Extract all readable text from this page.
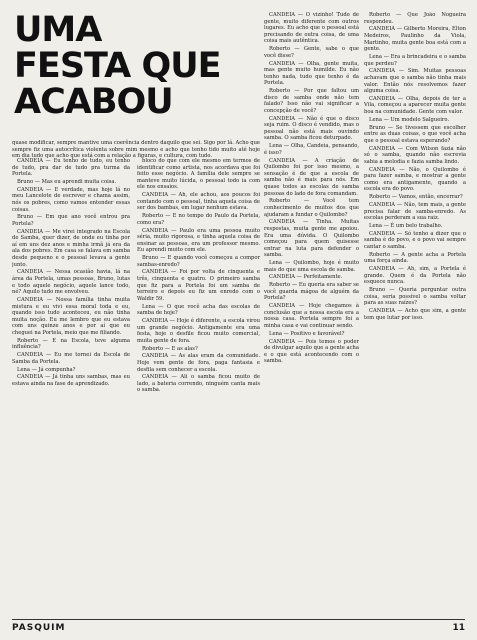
UMA
FESTA QUE
ACABOU
quase modificar, sempre mantive uma coerência dentro daquilo que sei. Sigo por lá. Acho que sempre fiz uma autocrítica violenta sobre mim mesmo e acho que tenho tido muito até hoje em dia tudo que acho que está com a relação a figuras, e cultura, com tudo.

CANDEIA — Eu tenho de tudo, eu tenho de tudo, pra dar de tudo pra turma da Portela.

Bruno — Mas eu aprendi muita coisa.

CANDEIA — E verdade, mas hoje lá no meu Lancelote de escrever e chama assim, nós os pobres, como vamos entender essas coisas.

Bruno — Em que ano você entrou pra Portela?

CANDEIA — Me virei integrado na Escola de Samba, quer dizer, de onde eu tinha por aí em uns dez anos e minha irmã já era da ala dos pobres. Em casa se falava em samba desde pequeno e o pessoal levava a gente junto.

CANDEIA — Nessa ocasião havia, lá na área da Portela, umas pessoas, Bruno, lutas e todo aquele negócio, aquele lance todo, né? Aquilo tudo me envolveu.

CANDEIA — Nossa família tinha muita mistura e eu vivi essa moral toda e eu, quando isso tudo aconteceu, eu não tinha muita noção. Eu me lembro que eu estava com uns quinze anos e por aí que eu cheguei na Portela, meio que me filiando.

Roberto — E na Escola, teve alguma influência?

CANDEIA — Eu me tornei da Escola de Samba da Portela.

Lena — Já compunha?

CANDEIA — Já tinha uns sambas, mas eu estava ainda na fase de aprendizado.

bloco do que com ele mesmo em termos de identificar como artista, nos acordava que foi feito esse negócio. A família dele sempre se manteve muito lúcida, o pessoal todo ia com ele nos ensaios.

CANDEIA — Ah, ele achou, aos poucos foi contando com o pessoal, tinha aquela coisa de ser dos bambas, em lugar nenhum estava.

Roberto — E no tempo do Paulo da Portela, como era?

CANDEIA — Paulo era uma pessoa muito séria, muito rigorosa, e tinha aquela coisa de ensinar as pessoas, era um professor mesmo. Eu aprendi muito com ele.

Bruno — E quando você começou a compor sambas-enredo?

CANDEIA — Foi por volta de cinquenta e três, cinquenta e quatro. O primeiro samba que fiz para a Portela foi um samba de terreiro e depois eu fiz um enredo com o Waldir 59.

Lena — O que você acha das escolas de samba de hoje?

CANDEIA — Hoje é diferente, a escola virou um grande negócio. Antigamente era uma festa, hoje o desfile ficou muito comercial, muita gente de fora.

Roberto — E as alas?

CANDEIA — As alas eram da comunidade. Hoje vem gente de fora, paga fantasia e desfila sem conhecer a escola.

CANDEIA — Ali o samba ficou muito de lado, a bateria correndo, ninguém canta mais o samba.

CANDEIA — O vizinho! Tudo de gente, muito diferente com outros lugares. Eu acho que o pessoal está precisando de outra coisa, de uma coisa mais autêntica.

Roberto — Gente, sabe o que você disse?

CANDEIA — Olha, gente muita, mas gente muito humilde. Eu não tenho nada, tudo que tenho é da Portela.

Roberto — Por que faltou um disco de samba onde não tem falado? Isso não vai significar a concepção de você?

CANDEIA — Não é que o disco seja ruim. O disco é vendido, mas o pessoal não está mais ouvindo samba. O samba ficou deturpado.

Lena — Olha, Candeia, pensando, é isso?

CANDEIA — A criação de Quilombo foi por isso mesmo, a sensação é de que a escola de samba não é mais para nós. Em quase todos as escolas de samba pessoas do lado de fora comandam.

Roberto — Você tem conhecimento de muitos dos que ajudaram a fundar o Quilombo?

CANDEIA — Tinha. Muitas respostas, muita gente me apoiou. Era uma dúvida. O Quilombo começou para quem quisesse entrar na luta para defender o samba.

Lena — Quilombo, hoje é muito mais do que uma escola de samba.

CANDEIA — Perfeitamente.

Roberto — Eu queria era saber se você guarda mágoa de alguém da Portela?

CANDEIA — Hoje chegamos à conclusão que a nossa escola era a nossa casa. Portela sempre foi a minha casa e vai continuar sendo.

Lena — Positivo e favorável?

CANDEIA — Pois temos o poder de divulgar aquilo que a gente acha e o que está acontecendo com o samba.

Roberto — Que João Nogueira respondeu.

CANDEIA — Gilberto Moreira, Elton Medeiros, Paulinho da Viola, Martinho, muita gente boa está com a gente.

Lena — Era a brincadeira e o samba que perdeu?

CANDEIA — Sim. Muitas pessoas achavam que o samba não tinha mais valor. Então nós resolvemos fazer alguma coisa.

CANDEIA — Olha, depois de ter a Vila, começou a aparecer muita gente boa na comunidade. Gente com valor.

Lena — Um modelo Salgueiro.

Bruno — Se tivessem que escolher entre as duas coisas, o que você acha que o pessoal estava esperando?

CANDEIA — Com Wilson fazia não só o samba, quando não escrevia sabia a melodia e fazia samba lindo.

CANDEIA — Não, o Quilombo é para fazer samba, e mostrar a gente como era antigamente, quando a escola era do povo.

Roberto — Vamos, então, encerrar?

CANDEIA — Não, tem mais, a gente precisa falar de samba-enredo. As escolas perderam a sua raiz.

Lena — É um belo trabalho.

CANDEIA — Só tenho a dizer que o samba é do povo, e o povo vai sempre cantar o samba.

Roberto — A gente acha a Portela uma força ainda.

CANDEIA — Ah, sim, a Portela é grande. Quem é da Portela não esquece nunca.

Bruno — Queria perguntar outra coisa, seria possível o samba voltar para as suas raízes?

CANDEIA — Acho que sim, a gente tem que lutar por isso.

PASQUIM	11
